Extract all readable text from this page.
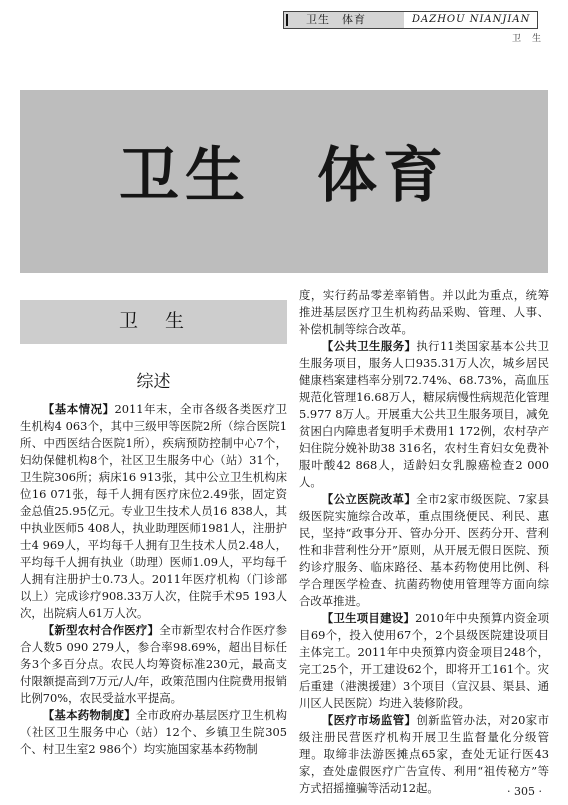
卫生　体育	DAZHOU NIANJIAN
卫生
卫生　体育
卫　生
综述

【基本情况】2011年末，全市各级各类医疗卫生机构4 063个，其中三级甲等医院2所（综合医院1所、中西医结合医院1所），疾病预防控制中心7个，妇幼保健机构8个，社区卫生服务中心（站）31个，卫生院306所；病床16 913张，其中公立卫生机构床位16 071张，每千人拥有医疗床位2.49张，固定资金总值25.95亿元。专业卫生技术人员16 838人，其中执业医师5 408人，执业助理医师1981人，注册护士4 969人，平均每千人拥有卫生技术人员2.48人，平均每千人拥有执业（助理）医师1.09人，平均每千人拥有注册护士0.73人。2011年医疗机构（门诊部以上）完成诊疗908.33万人次，住院手术95 193人次，出院病人61万人次。

【新型农村合作医疗】全市新型农村合作医疗参合人数5 090 279人，参合率98.69%，超出目标任务3个多百分点。农民人均筹资标准230元，最高支付限额提高到7万元/人/年，政策范围内住院费用报销比例70%，农民受益水平提高。

【基本药物制度】全市政府办基层医疗卫生机构（社区卫生服务中心（站）12个、乡镇卫生院305个、村卫生室2 986个）均实施国家基本药物制

度，实行药品零差率销售。并以此为重点，统筹推进基层医疗卫生机构药品采购、管理、人事、补偿机制等综合改革。

【公共卫生服务】执行11类国家基本公共卫生服务项目，服务人口935.31万人次，城乡居民健康档案建档率分别72.74%、68.73%，高血压规范化管理16.68万人，糖尿病慢性病规范化管理5.977 8万人。开展重大公共卫生服务项目，减免贫困白内障患者复明手术费用1 172例，农村孕产妇住院分娩补助38 316名，农村生育妇女免费补服叶酸42 868人，适龄妇女乳腺癌检查2 000人。

【公立医院改革】全市2家市级医院、7家县级医院实施综合改革，重点围绕便民、利民、惠民，坚持“政事分开、管办分开、医药分开、营利性和非营利性分开”原则，从开展无假日医院、预约诊疗服务、临床路径、基本药物使用比例、科学合理医学检查、抗菌药物使用管理等方面向综合改革推进。

【卫生项目建设】2010年中央预算内资金项目69个，投入使用67个，2个县级医院建设项目主体完工。2011年中央预算内资金项目248个，完工25个，开工建设62个，即将开工161个。灾后重建（港澳援建）3个项目（宣汉县、渠县、通川区人民医院）均进入装修阶段。

【医疗市场监管】创新监管办法，对20家市级注册民营医疗机构开展卫生监督量化分级管理。取缔非法游医摊点65家，查处无证行医43家，查处虚假医疗广告宣传、利用“祖传秘方”等方式招摇撞骗等活动12起。	· 305 ·
